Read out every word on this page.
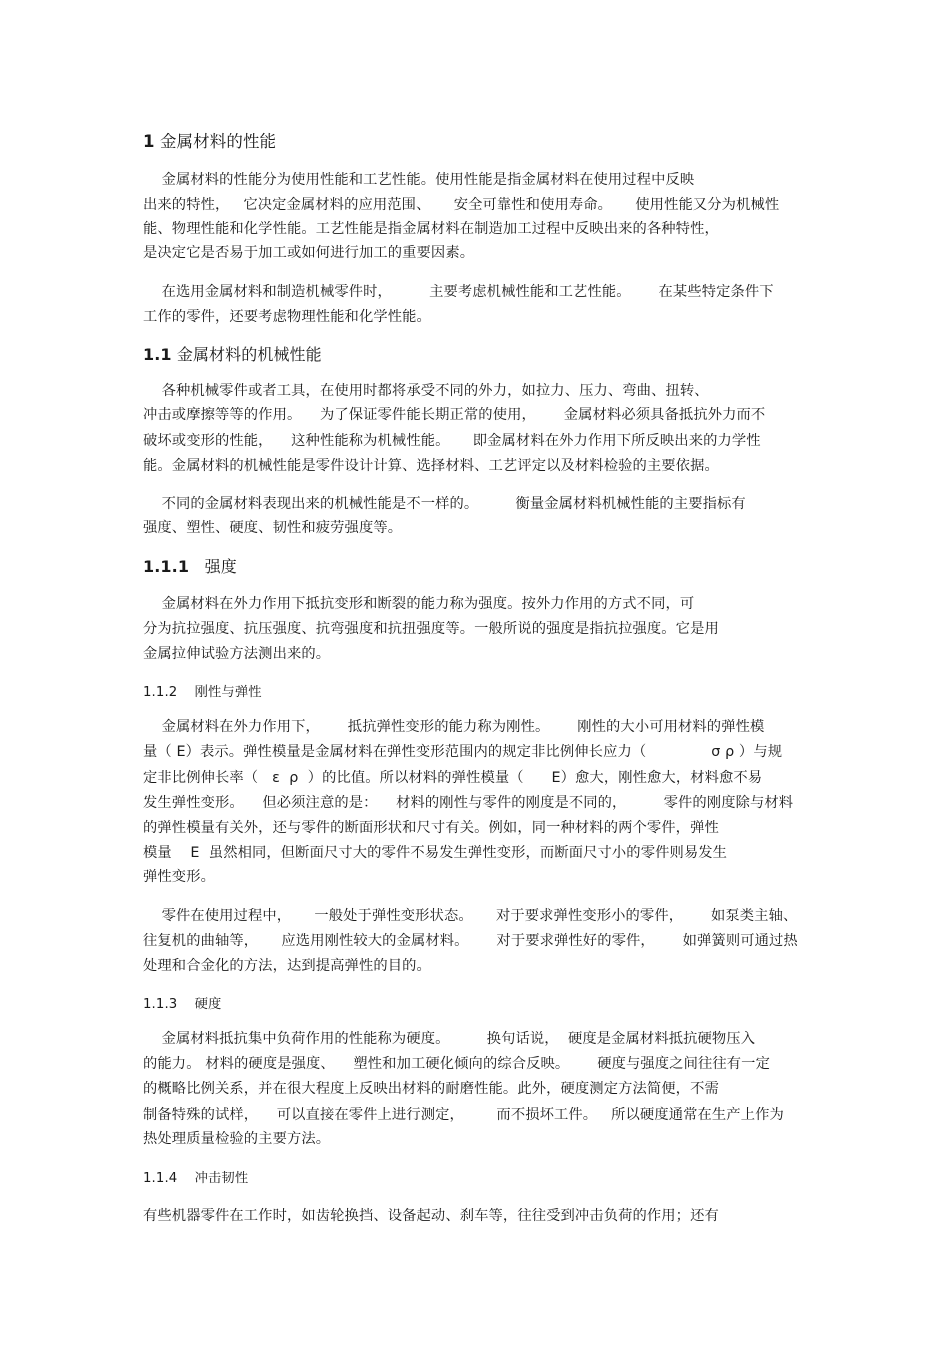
1 金属材料的性能
金属材料的性能分为使用性能和工艺性能。使用性能是指金属材料在使用过程中反映
出来的特性，   它决定金属材料的应用范围、     安全可靠性和使用寿命。     使用性能又分为机械性
能、物理性能和化学性能。工艺性能是指金属材料在制造加工过程中反映出来的各种特性，
是决定它是否易于加工或如何进行加工的重要因素。
在选用金属材料和制造机械零件时，        主要考虑机械性能和工艺性能。      在某些特定条件下
工作的零件，还要考虑物理性能和化学性能。
1.1 金属材料的机械性能
各种机械零件或者工具，在使用时都将承受不同的外力，如拉力、压力、弯曲、扭转、
冲击或摩擦等等的作用。    为了保证零件能长期正常的使用，      金属材料必须具备抵抗外力而不
破坏或变形的性能，    这种性能称为机械性能。     即金属材料在外力作用下所反映出来的力学性
能。金属材料的机械性能是零件设计计算、选择材料、工艺评定以及材料检验的主要依据。
不同的金属材料表现出来的机械性能是不一样的。        衡量金属材料机械性能的主要指标有
强度、塑性、硬度、韧性和疲劳强度等。
1.1.1   强度
金属材料在外力作用下抵抗变形和断裂的能力称为强度。按外力作用的方式不同，可
分为抗拉强度、抗压强度、抗弯强度和抗扭强度等。一般所说的强度是指抗拉强度。它是用
金属拉伸试验方法测出来的。
1.1.2    刚性与弹性
金属材料在外力作用下，      抵抗弹性变形的能力称为刚性。      刚性的大小可用材料的弹性模
量（ E）表示。弹性模量是金属材料在弹性变形范围内的规定非比例伸长应力（              σ ρ ）与规
定非比例伸长率（   ε  ρ  ）的比值。所以材料的弹性模量（      E）愈大，刚性愈大，材料愈不易
发生弹性变形。    但必须注意的是：    材料的刚性与零件的刚度是不同的，        零件的刚度除与材料
的弹性模量有关外，还与零件的断面形状和尺寸有关。例如，同一种材料的两个零件，弹性
模量    E  虽然相同，但断面尺寸大的零件不易发生弹性变形，而断面尺寸小的零件则易发生
弹性变形。
零件在使用过程中，     一般处于弹性变形状态。     对于要求弹性变形小的零件，      如泵类主轴、
往复机的曲轴等，     应选用刚性较大的金属材料。      对于要求弹性好的零件，      如弹簧则可通过热
处理和合金化的方法，达到提高弹性的目的。
1.1.3    硬度
金属材料抵抗集中负荷作用的性能称为硬度。        换句话说，  硬度是金属材料抵抗硬物压入
的能力。 材料的硬度是强度、    塑性和加工硬化倾向的综合反映。      硬度与强度之间往往有一定
的概略比例关系，并在很大程度上反映出材料的耐磨性能。此外，硬度测定方法简便，不需
制备特殊的试样，    可以直接在零件上进行测定，       而不损坏工件。   所以硬度通常在生产上作为
热处理质量检验的主要方法。
1.1.4    冲击韧性
有些机器零件在工作时，如齿轮换挡、设备起动、刹车等，往往受到冲击负荷的作用；还有
